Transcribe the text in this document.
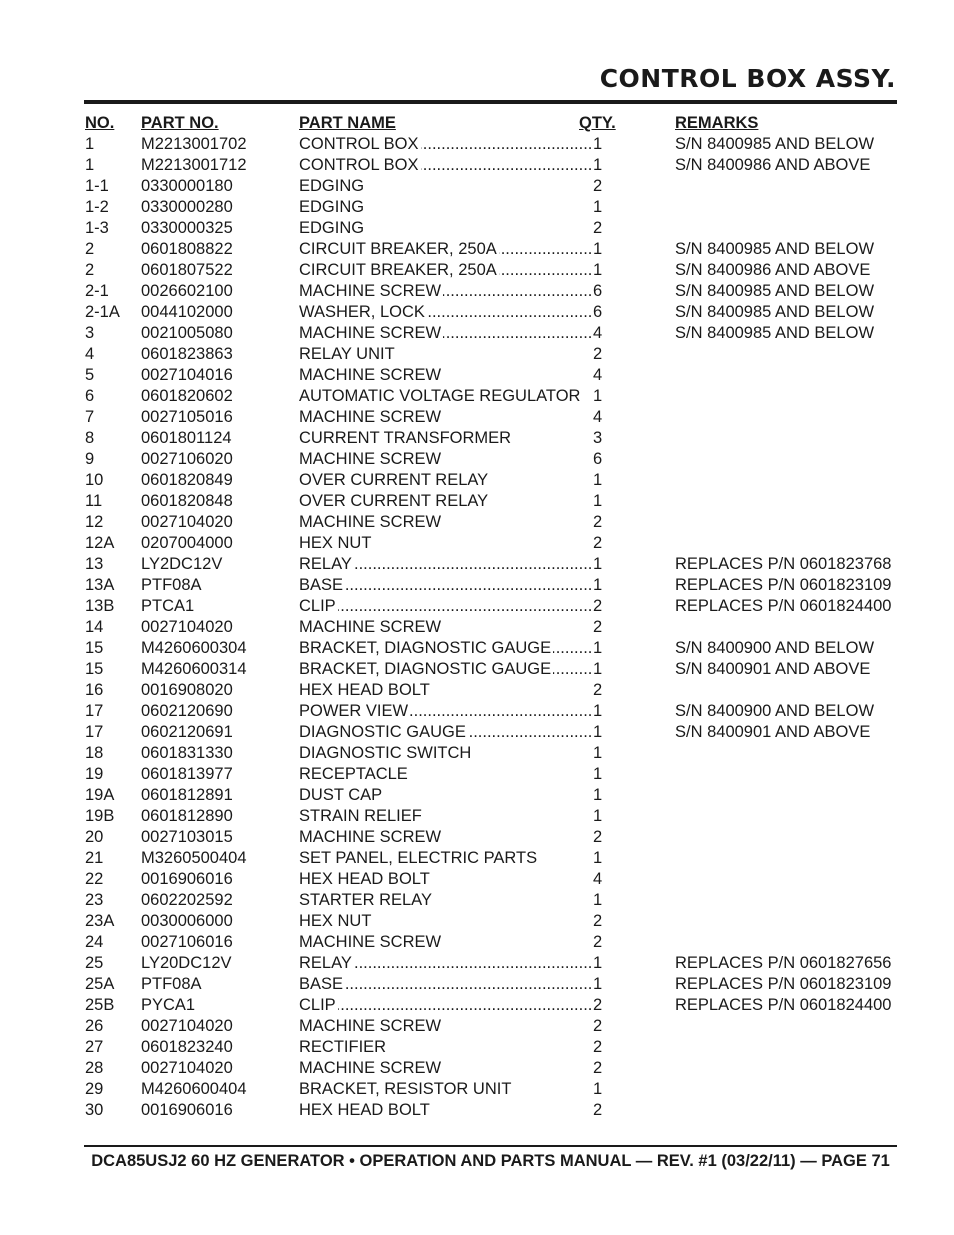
CONTROL BOX ASSY.
NO. PART NO.	PART NAME	QTY.	REMARKS
1	M2213001702	CONTROL BOX .....	1	S/N 8400985 AND BELOW
1	M2213001712	CONTROL BOX .....	1	S/N 8400986 AND ABOVE
1-1 0330000180	EDGING	2
1-2 0330000280	EDGING	1
1-3 0330000325	EDGING	2
2	0601808822	CIRCUIT BREAKER, 250A .....	1	S/N 8400985 AND BELOW
2	0601807522	CIRCUIT BREAKER, 250A .....	1	S/N 8400986 AND ABOVE
2-1 0026602100	MACHINE SCREW .....	6	S/N 8400985 AND BELOW
2-1A 0044102000	WASHER, LOCK .....	6	S/N 8400985 AND BELOW
3	0021005080	MACHINE SCREW .....	4	S/N 8400985 AND BELOW
4	0601823863	RELAY UNIT	2
5	0027104016	MACHINE SCREW	4
6	0601820602	AUTOMATIC VOLTAGE REGULATOR 1
7	0027105016	MACHINE SCREW	4
8	0601801124	CURRENT TRANSFORMER	3
9	0027106020	MACHINE SCREW	6
10 0601820849	OVER CURRENT RELAY	1
11 0601820848	OVER CURRENT RELAY	1
12 0027104020	MACHINE SCREW	2
12A 0207004000	HEX NUT	2
13 LY2DC12V	RELAY .....	1	REPLACES P/N 0601823768
13A PTF08A	BASE .....	1	REPLACES P/N 0601823109
13B PTCA1	CLIP .....	2	REPLACES P/N 0601824400
14 0027104020	MACHINE SCREW	2
15 M4260600304	BRACKET, DIAGNOSTIC GAUGE .....	1	S/N 8400900 AND BELOW
15 M4260600314	BRACKET, DIAGNOSTIC GAUGE .....	1	S/N 8400901 AND ABOVE
16 0016908020	HEX HEAD BOLT	2
17 0602120690	POWER VIEW .....	1	S/N 8400900 AND BELOW
17 0602120691	DIAGNOSTIC GAUGE .....	1	S/N 8400901 AND ABOVE
18 0601831330	DIAGNOSTIC SWITCH	1
19 0601813977	RECEPTACLE	1
19A 0601812891	DUST CAP	1
19B 0601812890	STRAIN RELIEF	1
20 0027103015	MACHINE SCREW	2
21 M3260500404	SET PANEL, ELECTRIC PARTS	1
22 0016906016	HEX HEAD BOLT	4
23 0602202592	STARTER RELAY	1
23A 0030006000	HEX NUT	2
24 0027106016	MACHINE SCREW	2
25 LY20DC12V	RELAY .....	1	REPLACES P/N 0601827656
25A PTF08A	BASE .....	1	REPLACES P/N 0601823109
25B PYCA1	CLIP .....	2	REPLACES P/N 0601824400
26 0027104020	MACHINE SCREW	2
27 0601823240	RECTIFIER	2
28 0027104020	MACHINE SCREW	2
29 M4260600404	BRACKET, RESISTOR UNIT	1
30 0016906016	HEX HEAD BOLT	2
DCA85USJ2 60 HZ GENERATOR • OPERATION AND PARTS MANUAL — REV. #1 (03/22/11) — PAGE 71
